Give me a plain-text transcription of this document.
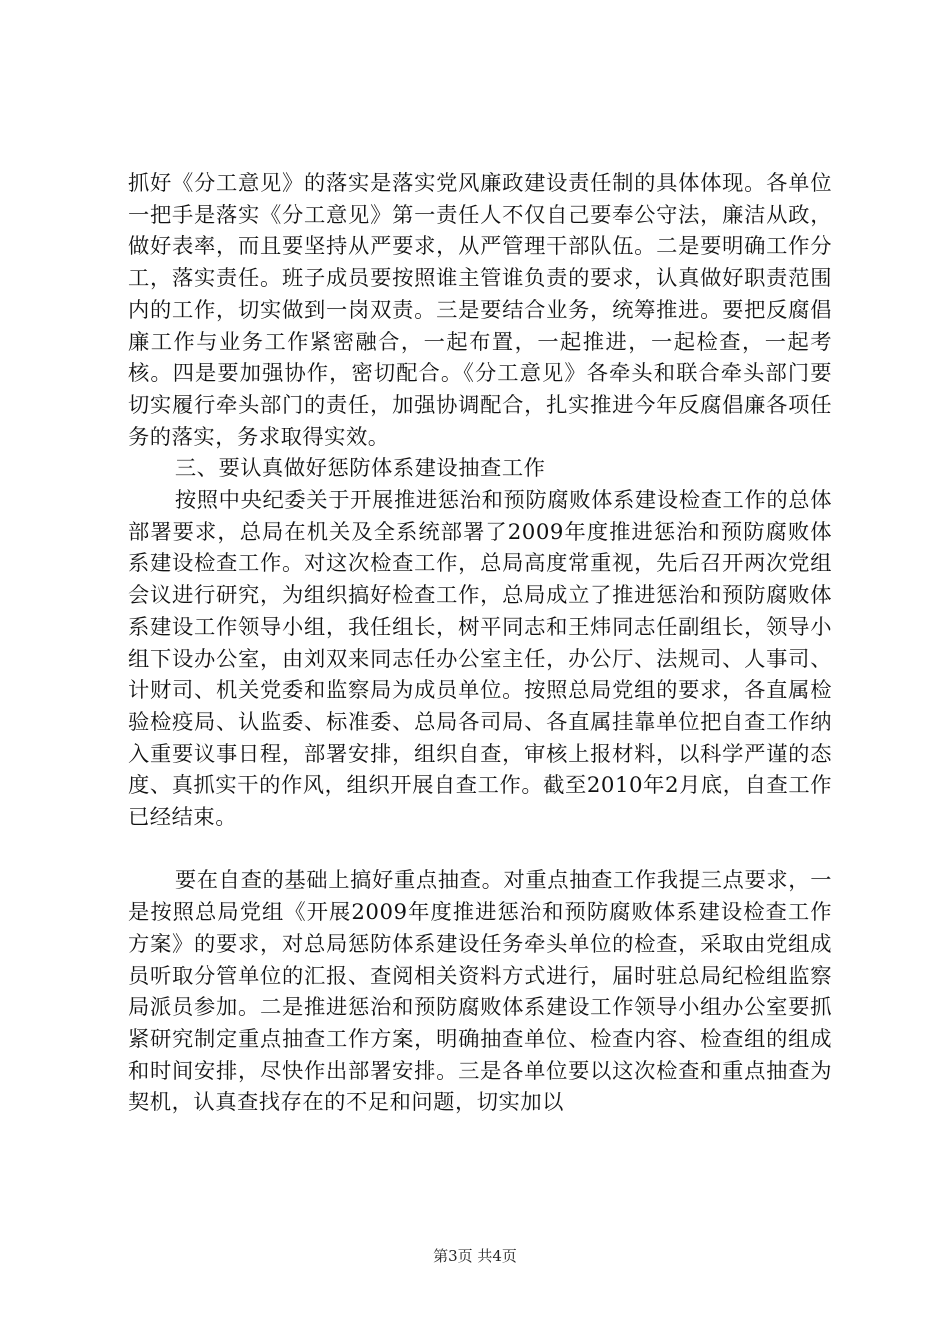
抓好《分工意见》的落实是落实党风廉政建设责任制的具体体现。各单位一把手是落实《分工意见》第一责任人不仅自己要奉公守法，廉洁从政，做好表率，而且要坚持从严要求，从严管理干部队伍。二是要明确工作分工，落实责任。班子成员要按照谁主管谁负责的要求，认真做好职责范围内的工作，切实做到一岗双责。三是要结合业务，统筹推进。要把反腐倡廉工作与业务工作紧密融合，一起布置，一起推进，一起检查，一起考核。四是要加强协作，密切配合。《分工意见》各牵头和联合牵头部门要切实履行牵头部门的责任，加强协调配合，扎实推进今年反腐倡廉各项任务的落实，务求取得实效。

三、要认真做好惩防体系建设抽查工作

按照中央纪委关于开展推进惩治和预防腐败体系建设检查工作的总体部署要求，总局在机关及全系统部署了2009年度推进惩治和预防腐败体系建设检查工作。对这次检查工作，总局高度常重视，先后召开两次党组会议进行研究，为组织搞好检查工作，总局成立了推进惩治和预防腐败体系建设工作领导小组，我任组长，树平同志和王炜同志任副组长，领导小组下设办公室，由刘双来同志任办公室主任，办公厅、法规司、人事司、计财司、机关党委和监察局为成员单位。按照总局党组的要求，各直属检验检疫局、认监委、标准委、总局各司局、各直属挂靠单位把自查工作纳入重要议事日程，部署安排，组织自查，审核上报材料，以科学严谨的态度、真抓实干的作风，组织开展自查工作。截至2010年2月底，自查工作已经结束。

要在自查的基础上搞好重点抽查。对重点抽查工作我提三点要求，一是按照总局党组《开展2009年度推进惩治和预防腐败体系建设检查工作方案》的要求，对总局惩防体系建设任务牵头单位的检查，采取由党组成员听取分管单位的汇报、查阅相关资料方式进行，届时驻总局纪检组监察局派员参加。二是推进惩治和预防腐败体系建设工作领导小组办公室要抓紧研究制定重点抽查工作方案，明确抽查单位、检查内容、检查组的组成和时间安排，尽快作出部署安排。三是各单位要以这次检查和重点抽查为契机，认真查找存在的不足和问题，切实加以

第3页 共4页
